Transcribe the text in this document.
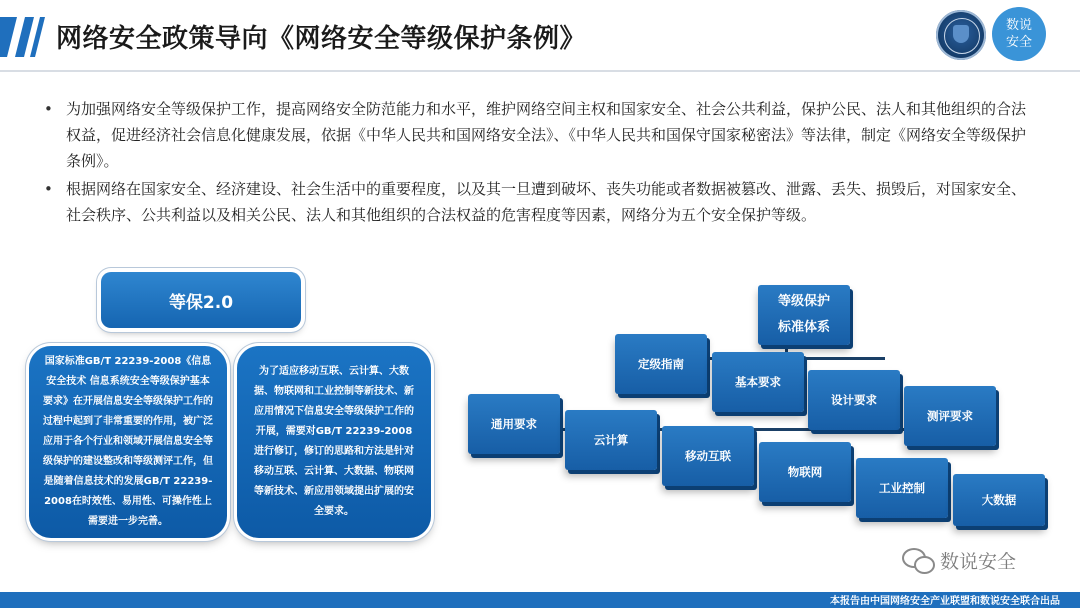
网络安全政策导向《网络安全等级保护条例》	数说
安全
• 为加强网络安全等级保护工作，提高网络安全防范能力和水平，维护网络空间主权和国家安全、社会公共利益，保护公民、法人和其他组织的合法权益，促进经济社会信息化健康发展，依据《中华人民共和国网络安全法》、《中华人民共和国保守国家秘密法》等法律，制定《网络安全等级保护条例》。
• 根据网络在国家安全、经济建设、社会生活中的重要程度，以及其一旦遭到破坏、丧失功能或者数据被篡改、泄露、丢失、损毁后，对国家安全、社会秩序、公共利益以及相关公民、法人和其他组织的合法权益的危害程度等因素，网络分为五个安全保护等级。
等保2.0
国家标准GB/T 22239-2008《信息安全技术 信息系统安全等级保护基本要求》在开展信息安全等级保护工作的过程中起到了非常重要的作用，被广泛应用于各个行业和领域开展信息安全等级保护的建设整改和等级测评工作，但是随着信息技术的发展GB/T 22239-2008在时效性、易用性、可操作性上需要进一步完善。
为了适应移动互联、云计算、大数据、物联网和工业控制等新技术、新应用情况下信息安全等级保护工作的开展，需要对GB/T 22239-2008进行修订，修订的思路和方法是针对移动互联、云计算、大数据、物联网等新技术、新应用领域提出扩展的安全要求。
等级保护
标准体系
定级指南
基本要求
设计要求
测评要求
通用要求
云计算
移动互联
物联网
工业控制
大数据
数说安全
本报告由中国网络安全产业联盟和数说安全联合出品
